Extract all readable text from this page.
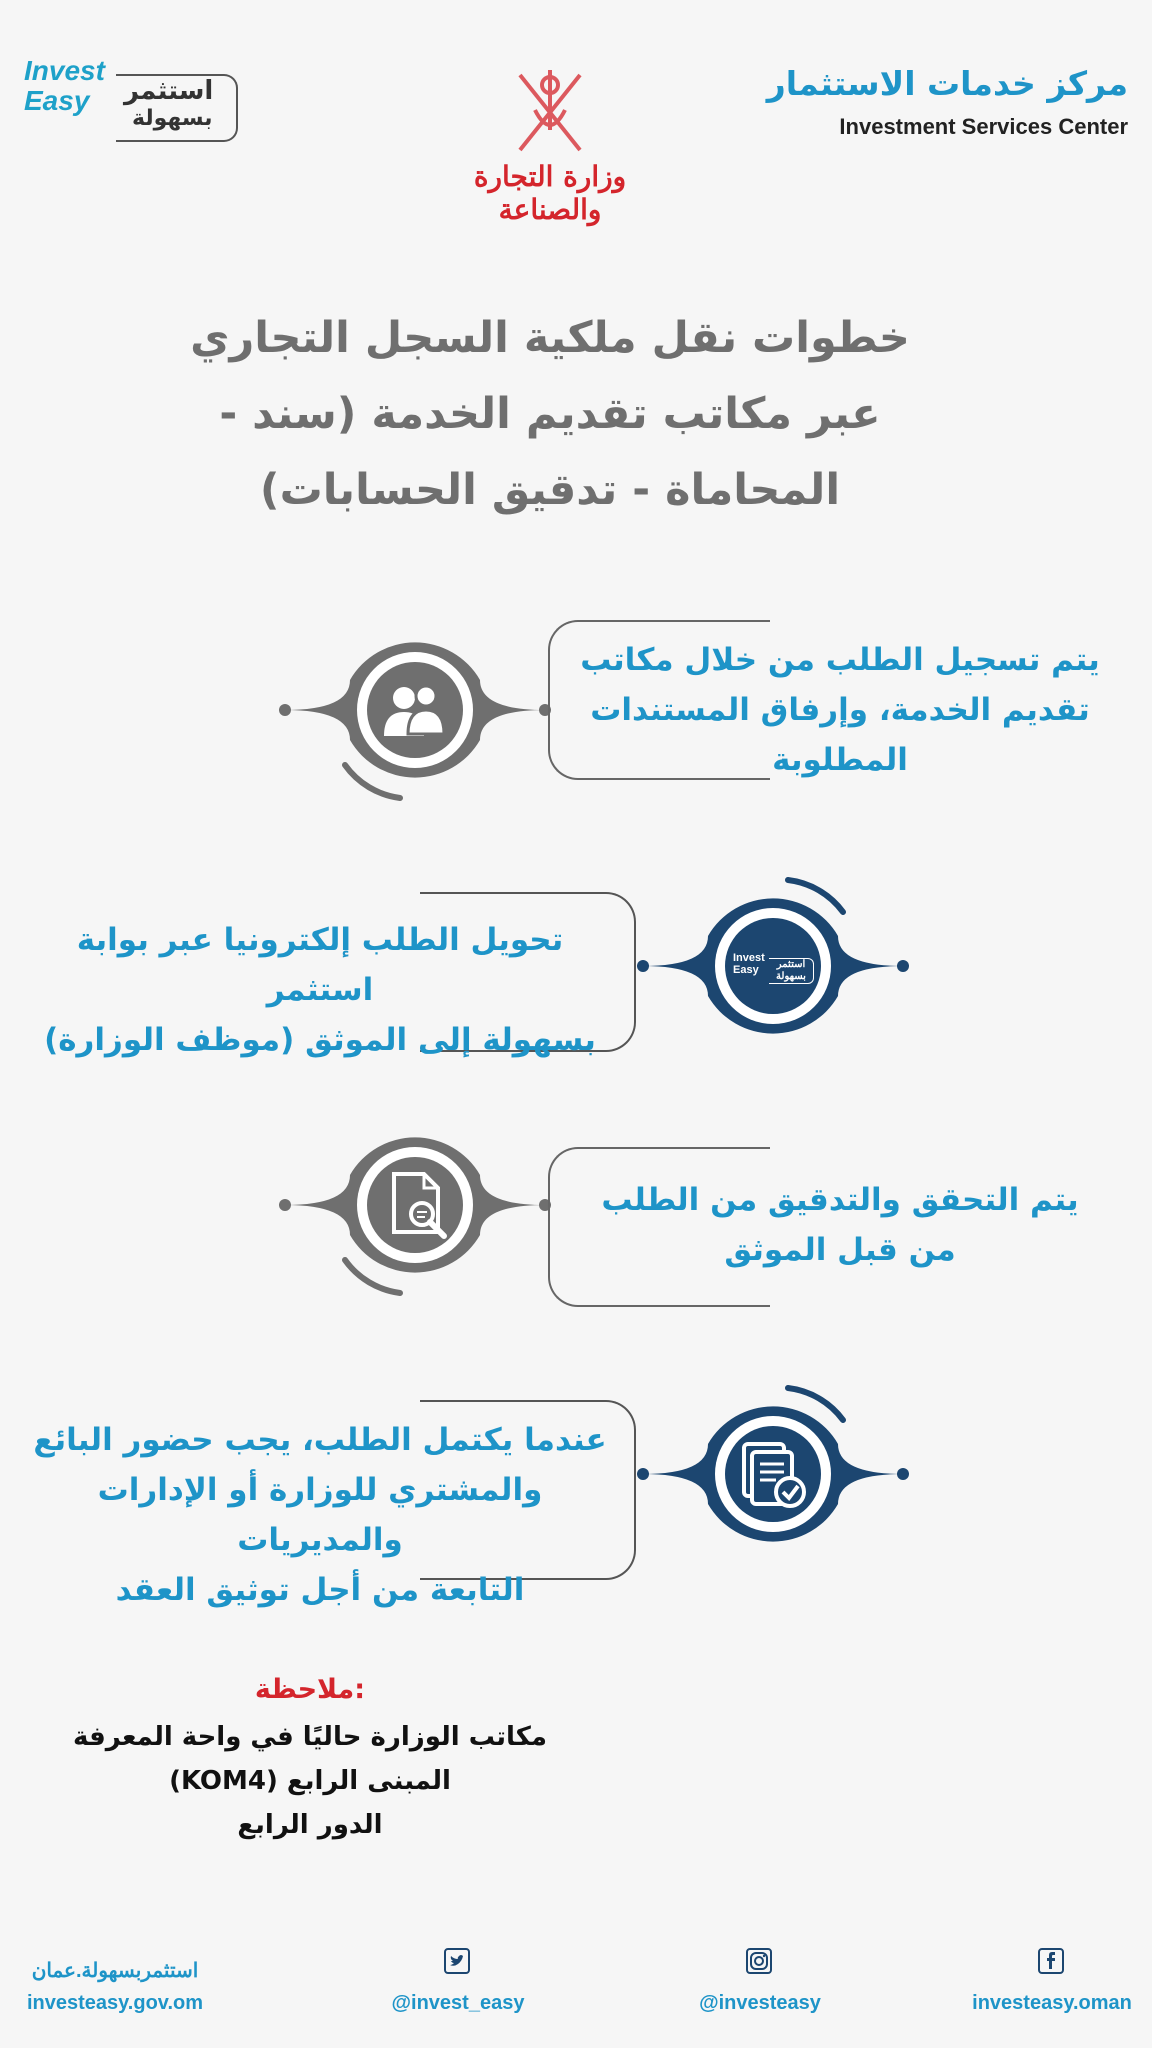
Invest Easy	استثمر
بسهولة
وزارة التجارة والصناعة
مركز خدمات الاستثمار
Investment Services Center
خطوات نقل ملكية السجل التجاري
عبر مكاتب تقديم الخدمة (سند -
المحاماة - تدقيق الحسابات)
يتم تسجيل الطلب من خلال مكاتب
تقديم الخدمة، وإرفاق المستندات
المطلوبة
Invest Easy	استثمر بسهولة
تحويل الطلب إلكترونيا عبر بوابة استثمر
بسهولة إلى الموثق (موظف الوزارة)
يتم التحقق والتدقيق من الطلب
من قبل الموثق
عندما يكتمل الطلب، يجب حضور البائع
والمشتري للوزارة أو الإدارات والمديريات
التابعة من أجل توثيق العقد
ملاحظة:
مكاتب الوزارة حاليًا في واحة المعرفة
المبنى الرابع (KOM4)
الدور الرابع
استثمربسهولة.عمان
investeasy.gov.om	@invest_easy	@investeasy	investeasy.oman
